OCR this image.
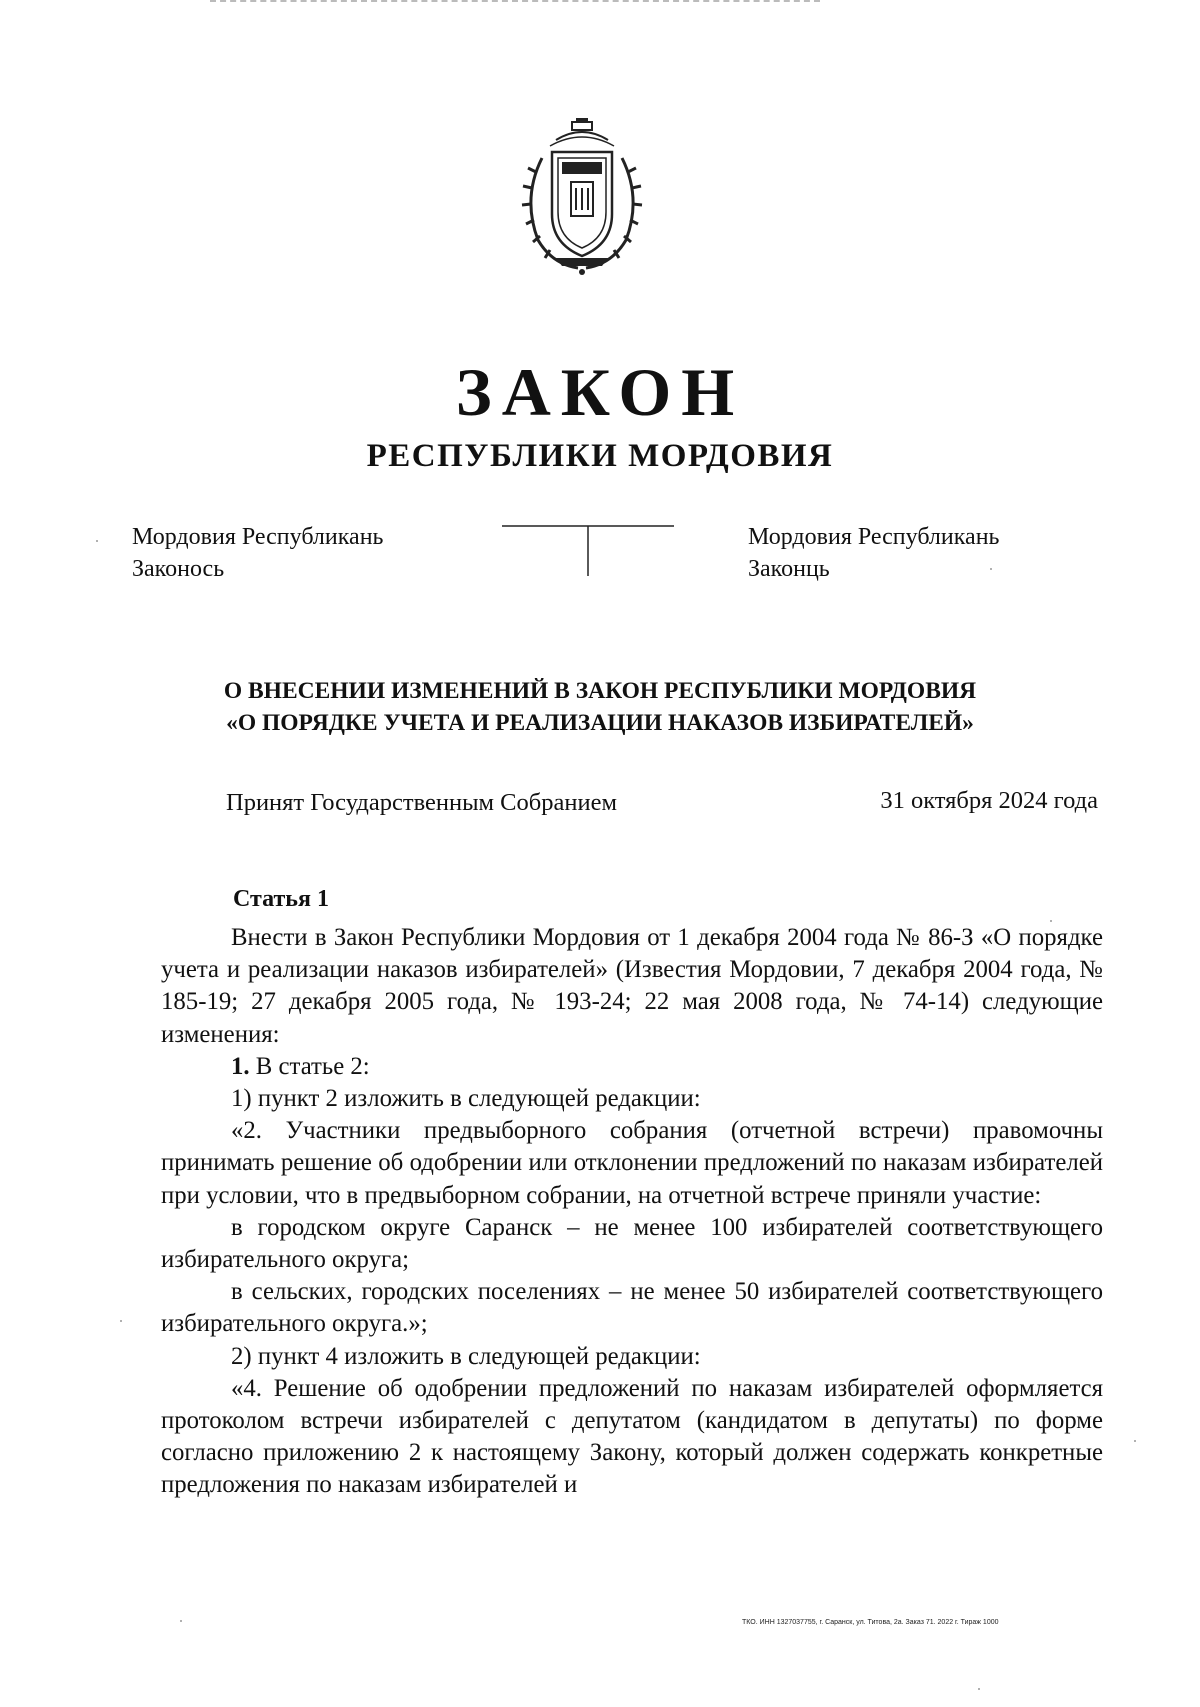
ЗАКОН
РЕСПУБЛИКИ МОРДОВИЯ
Мордовия Республикань
Законось
Мордовия Республикань
Законць
О ВНЕСЕНИИ ИЗМЕНЕНИЙ В ЗАКОН РЕСПУБЛИКИ МОРДОВИЯ
«О ПОРЯДКЕ УЧЕТА И РЕАЛИЗАЦИИ НАКАЗОВ ИЗБИРАТЕЛЕЙ»
Принят Государственным Собранием	31 октября 2024 года
Статья 1

Внести в Закон Республики Мордовия от 1 декабря 2004 года № 86-З «О порядке учета и реализации наказов избирателей» (Известия Мордовии, 7 декабря 2004 года, № 185-19; 27 декабря 2005 года, № 193-24; 22 мая 2008 года, № 74-14) следующие изменения:

1. В статье 2:

1) пункт 2 изложить в следующей редакции:

«2. Участники предвыборного собрания (отчетной встречи) правомочны принимать решение об одобрении или отклонении предложений по наказам избирателей при условии, что в предвыборном собрании, на отчетной встрече приняли участие:

в городском округе Саранск – не менее 100 избирателей соответствующего избирательного округа;

в сельских, городских поселениях – не менее 50 избирателей соответствующего избирательного округа.»;

2) пункт 4 изложить в следующей редакции:

«4. Решение об одобрении предложений по наказам избирателей оформляется протоколом встречи избирателей с депутатом (кандидатом в депутаты) по форме согласно приложению 2 к настоящему Закону, который должен содержать конкретные предложения по наказам избирателей и

ТКО. ИНН 1327037755, г. Саранск, ул. Титова, 2a. Заказ 71. 2022 г. Тираж 1000
